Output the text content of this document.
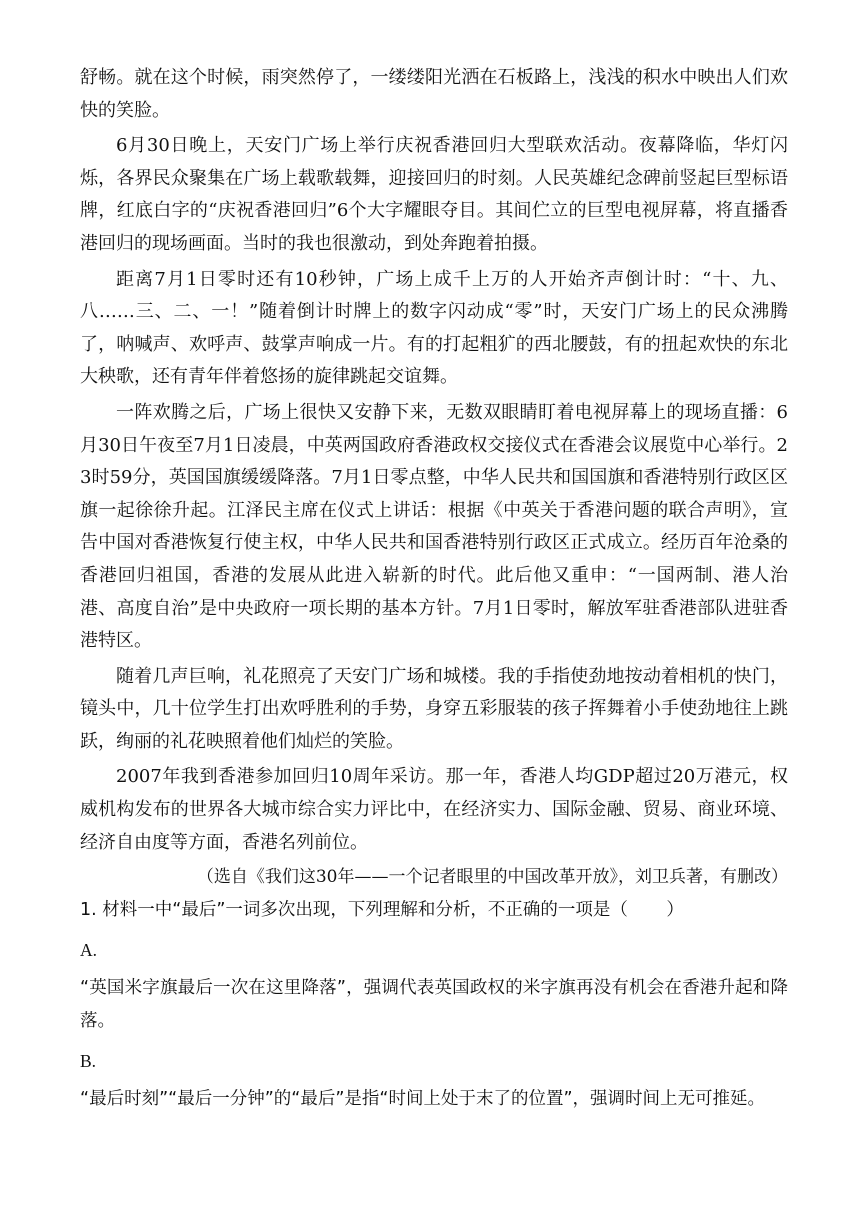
舒畅。就在这个时候，雨突然停了，一缕缕阳光洒在石板路上，浅浅的积水中映出人们欢快的笑脸。

6月30日晚上，天安门广场上举行庆祝香港回归大型联欢活动。夜幕降临，华灯闪烁，各界民众聚集在广场上载歌载舞，迎接回归的时刻。人民英雄纪念碑前竖起巨型标语牌，红底白字的“庆祝香港回归”6个大字耀眼夺目。其间伫立的巨型电视屏幕，将直播香港回归的现场画面。当时的我也很激动，到处奔跑着拍摄。

距离7月1日零时还有10秒钟，广场上成千上万的人开始齐声倒计时：“十、九、八……三、二、一！”随着倒计时牌上的数字闪动成“零”时，天安门广场上的民众沸腾了，呐喊声、欢呼声、鼓掌声响成一片。有的打起粗犷的西北腰鼓，有的扭起欢快的东北大秧歌，还有青年伴着悠扬的旋律跳起交谊舞。

一阵欢腾之后，广场上很快又安静下来，无数双眼睛盯着电视屏幕上的现场直播：6月30日午夜至7月1日凌晨，中英两国政府香港政权交接仪式在香港会议展览中心举行。23时59分，英国国旗缓缓降落。7月1日零点整，中华人民共和国国旗和香港特别行政区区旗一起徐徐升起。江泽民主席在仪式上讲话：根据《中英关于香港问题的联合声明》，宣告中国对香港恢复行使主权，中华人民共和国香港特别行政区正式成立。经历百年沧桑的香港回归祖国，香港的发展从此进入崭新的时代。此后他又重申：“一国两制、港人治港、高度自治”是中央政府一项长期的基本方针。7月1日零时，解放军驻香港部队进驻香港特区。

随着几声巨响，礼花照亮了天安门广场和城楼。我的手指使劲地按动着相机的快门，镜头中，几十位学生打出欢呼胜利的手势，身穿五彩服装的孩子挥舞着小手使劲地往上跳跃，绚丽的礼花映照着他们灿烂的笑脸。

2007年我到香港参加回归10周年采访。那一年，香港人均GDP超过20万港元，权威机构发布的世界各大城市综合实力评比中，在经济实力、国际金融、贸易、商业环境、经济自由度等方面，香港名列前位。

（选自《我们这30年——一个记者眼里的中国改革开放》，刘卫兵著，有删改）

1. 材料一中“最后”一词多次出现，下列理解和分析，不正确的一项是（ ）
A.
“英国米字旗最后一次在这里降落”，强调代表英国政权的米字旗再没有机会在香港升起和降落。
B.
“最后时刻”“最后一分钟”的“最后”是指“时间上处于末了的位置”，强调时间上无可推延。
